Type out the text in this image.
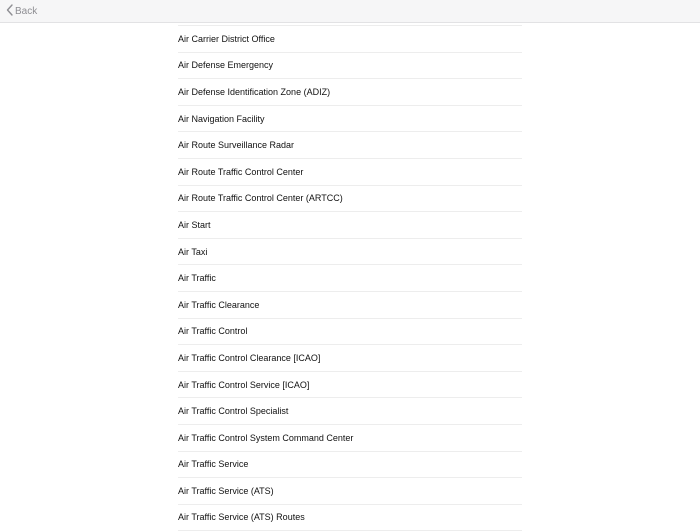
Back
Air Carrier District Office
Air Defense Emergency
Air Defense Identification Zone (ADIZ)
Air Navigation Facility
Air Route Surveillance Radar
Air Route Traffic Control Center
Air Route Traffic Control Center (ARTCC)
Air Start
Air Taxi
Air Traffic
Air Traffic Clearance
Air Traffic Control
Air Traffic Control Clearance [ICAO]
Air Traffic Control Service [ICAO]
Air Traffic Control Specialist
Air Traffic Control System Command Center
Air Traffic Service
Air Traffic Service (ATS)
Air Traffic Service (ATS) Routes
